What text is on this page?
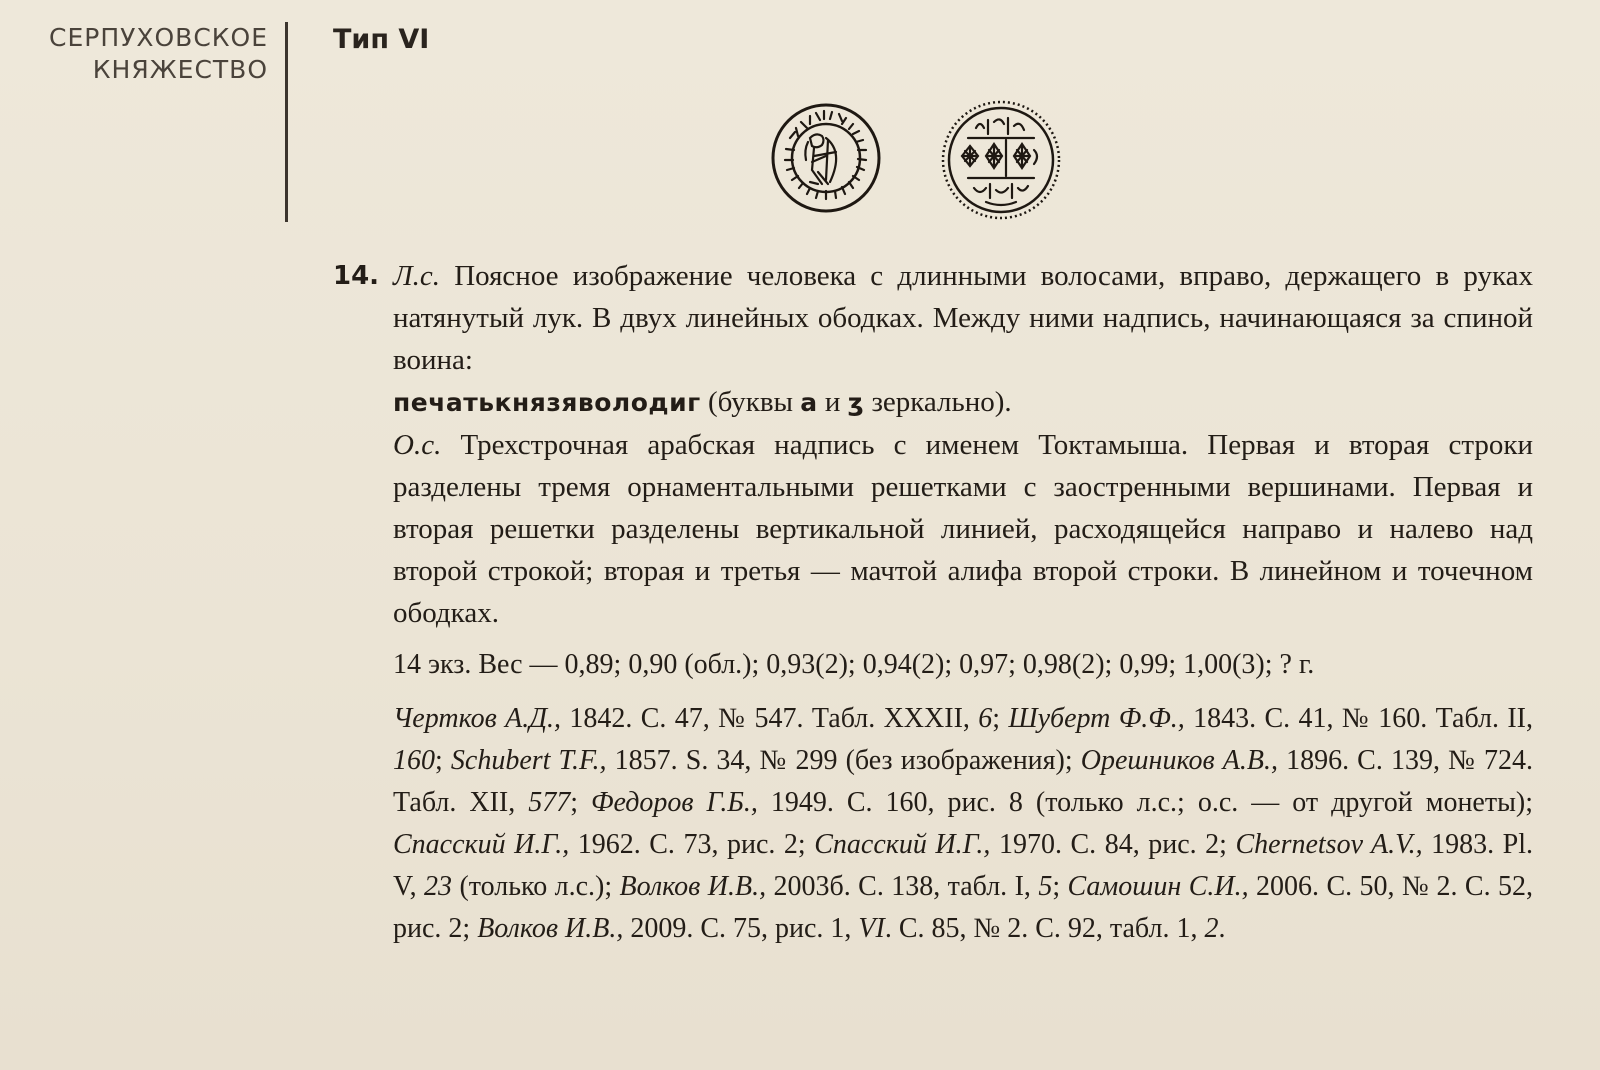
СЕРПУХОВСКОЕ
КНЯЖЕСТВО
Тип VI
14. Л.с. Поясное изображение человека с длинными волосами, вправо, держащего в руках натянутый лук. В двух линейных ободках. Между ними надпись, начинающаяся за спиной воина:

печатькнязяволодиг (буквы а и ʒ зеркально).

О.с. Трехстрочная арабская надпись с именем Токтамыша. Первая и вторая строки разделены тремя орнаментальными решетками с заостренными вершинами. Первая и вторая решетки разделены вертикальной линией, расходящейся направо и налево над второй строкой; вторая и третья — мачтой алифа второй строки. В линейном и точечном ободках.

14 экз. Вес — 0,89; 0,90 (обл.); 0,93(2); 0,94(2); 0,97; 0,98(2); 0,99; 1,00(3); ? г.

Чертков А.Д., 1842. С. 47, № 547. Табл. XXXII, 6; Шуберт Ф.Ф., 1843. С. 41, № 160. Табл. II, 160; Schubert T.F., 1857. S. 34, № 299 (без изображения); Орешников А.В., 1896. С. 139, № 724. Табл. XII, 577; Федоров Г.Б., 1949. С. 160, рис. 8 (только л.с.; о.с. — от другой монеты); Спасский И.Г., 1962. С. 73, рис. 2; Спасский И.Г., 1970. С. 84, рис. 2; Chernetsov A.V., 1983. Pl. V, 23 (только л.с.); Волков И.В., 2003б. С. 138, табл. I, 5; Самошин С.И., 2006. С. 50, № 2. С. 52, рис. 2; Волков И.В., 2009. С. 75, рис. 1, VI. С. 85, № 2. С. 92, табл. 1, 2.
